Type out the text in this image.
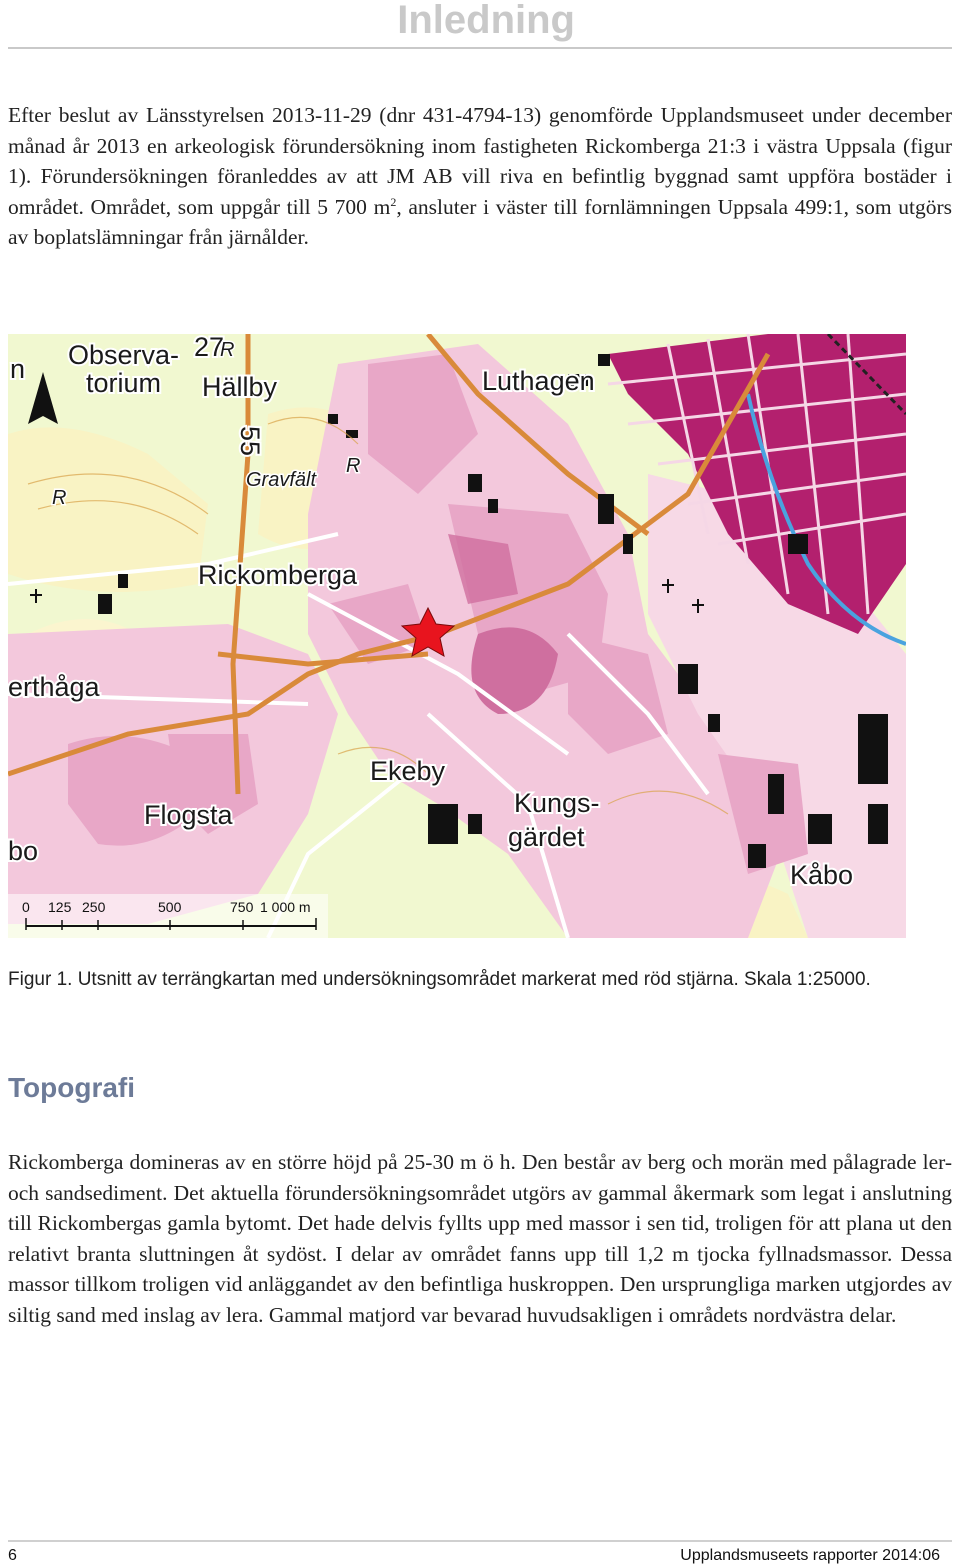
Inledning

Efter beslut av Länsstyrelsen 2013-11-29 (dnr 431-4794-13) genomförde Upplandsmuseet under december månad år 2013 en arkeologisk förundersökning inom fastigheten Rickomberga 21:3 i västra Uppsala (figur 1). Förundersökningen föranleddes av att JM AB vill riva en befintlig byggnad samt uppföra bostäder i området. Området, som uppgår till 5 700 $m^2$, ansluter i väster till fornlämningen Uppsala 499:1, som utgörs av boplatslämningar från järnålder.

Observa-
torium
n
27
Hällby
55
Gravfält
Luthagen
Rickomberga
erthåga
Ekeby
Flogsta	Kungs-
gärdet
bo
Kåbo
R
R
R
0 125 250	500	750 1 000 m

Figur 1. Utsnitt av terrängkartan med undersökningsområdet markerat med röd stjärna. Skala 1:25000.

Topografi

Rickomberga domineras av en större höjd på 25-30 m ö h. Den består av berg och morän med pålagrade ler- och sandsediment. Det aktuella förundersökningsområdet utgörs av gammal åkermark som legat i anslutning till Rickombergas gamla bytomt. Det hade delvis fyllts upp med massor i sen tid, troligen för att plana ut den relativt branta sluttningen åt sydöst. I delar av området fanns upp till 1,2 m tjocka fyllnadsmassor. Dessa massor tillkom troligen vid anläggandet av den befintliga huskroppen. Den ursprungliga marken utgjordes av siltig sand med inslag av lera. Gammal matjord var bevarad huvudsakligen i områdets nordvästra delar.

6	Upplandsmuseets rapporter 2014:06
